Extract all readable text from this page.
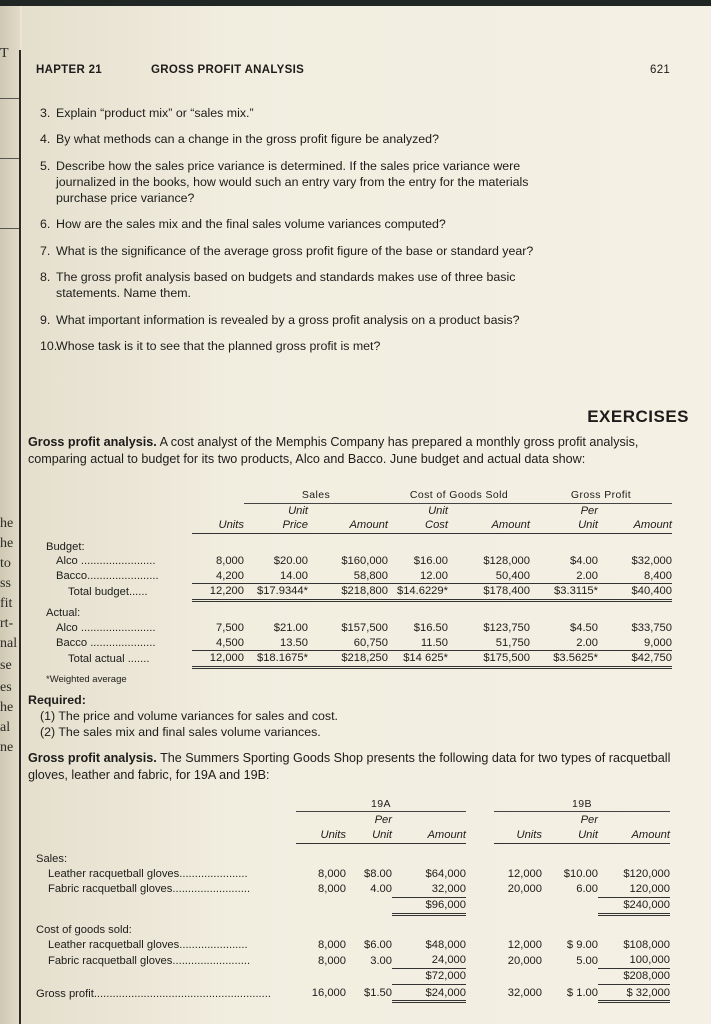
T
he
he
to
ss
fit
rt-
nal
se
es
he
al
ne
HAPTER 21	GROSS PROFIT ANALYSIS	621
3. Explain “product mix” or “sales mix.”
4. By what methods can a change in the gross profit figure be analyzed?
5. Describe how the sales price variance is determined. If the sales price variance were journalized in the books, how would such an entry vary from the entry for the materials purchase price variance?
6. How are the sales mix and the final sales volume variances computed?
7. What is the significance of the average gross profit figure of the base or standard year?
8. The gross profit analysis based on budgets and standards makes use of three basic statements. Name them.
9. What important information is revealed by a gross profit analysis on a product basis?
10.
Whose task is it to see that the planned gross profit is met?
EXERCISES
Gross profit analysis. A cost analyst of the Memphis Company has prepared a monthly gross profit analysis, comparing actual to budget for its two products, Alco and Bacco. June budget and actual data show:
		Sales		Cost of Goods Sold		Gross Profit	
		Unit		Unit		Per	
	Units	Price	Amount	Cost	Amount	Unit	Amount
Budget:							
Alco ........................	8,000	$20.00	$160,000	$16.00	$128,000	$4.00	$32,000
Bacco.......................	4,200	14.00	58,800	12.00	50,400	2.00	8,400
Total budget......	12,200	$17.9344*	$218,800	$14.6229*	$178,400	$3.3115*	$40,400
Actual:							
Alco ........................	7,500	$21.00	$157,500	$16.50	$123,750	$4.50	$33,750
Bacco .....................	4,500	13.50	60,750	11.50	51,750	2.00	9,000
Total actual .......	12,000	$18.1675*	$218,250	$14 625*	$175,500	$3.5625*	$42,750
*Weighted average							
Required:
(1) The price and volume variances for sales and cost.
(2) The sales mix and final sales volume variances.
Gross profit analysis. The Summers Sporting Goods Shop presents the following data for two types of racquetball gloves, leather and fabric, for 19A and 19B:
	19A				19B		
		Per				Per	
	Units	Unit	Amount		Units	Unit	Amount
Sales:							
Leather racquetball gloves......................	8,000	$8.00	$64,000		12,000	$10.00	$120,000
Fabric racquetball gloves.........................	8,000	4.00	32,000		20,000	6.00	120,000
			$96,000				$240,000
Cost of goods sold:							
Leather racquetball gloves......................	8,000	$6.00	$48,000		12,000	$ 9.00	$108,000
Fabric racquetball gloves.........................	8,000	3.00	24,000		20,000	5.00	100,000
			$72,000				$208,000
Gross profit.........................................................	16,000	$1.50	$24,000		32,000	$ 1.00	$ 32,000
